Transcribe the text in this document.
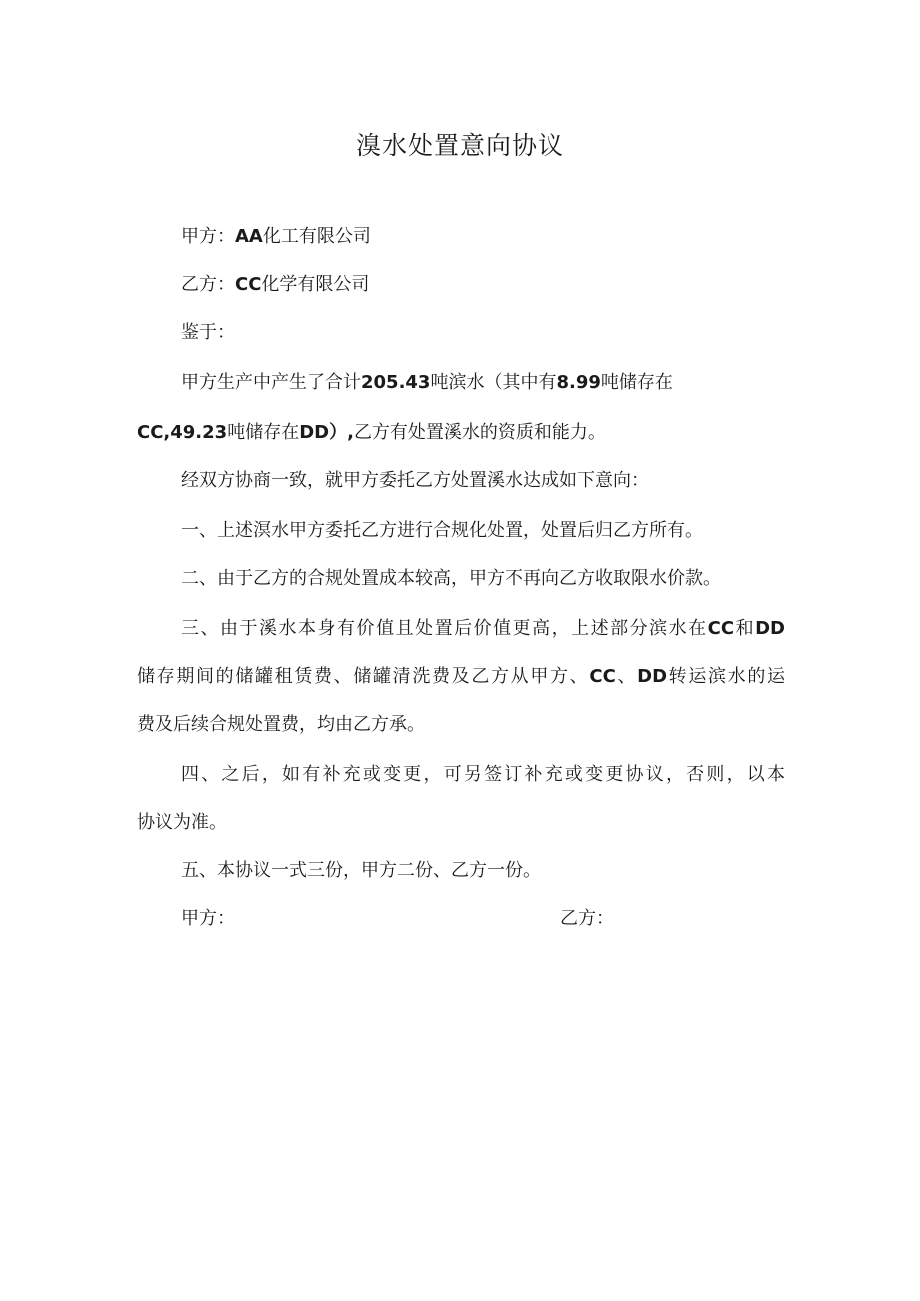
溴水处置意向协议
甲方：AA化工有限公司
乙方：CC化学有限公司
鉴于：
甲方生产中产生了合计205.43吨滨水（其中有8.99吨储存在
CC,49.23吨储存在DD）,乙方有处置溪水的资质和能力。
经双方协商一致，就甲方委托乙方处置溪水达成如下意向：
一、上述溟水甲方委托乙方进行合规化处置，处置后归乙方所有。
二、由于乙方的合规处置成本较高，甲方不再向乙方收取限水价款。
三、由于溪水本身有价值且处置后价值更高，上述部分滨水在CC和DD
储存期间的储罐租赁费、储罐清洗费及乙方从甲方、CC、DD转运滨水的运
费及后续合规处置费，均由乙方承。
四、之后，如有补充或变更，可另签订补充或变更协议，否则，以本
协议为准。
五、本协议一式三份，甲方二份、乙方一份。
甲方：	乙方：
